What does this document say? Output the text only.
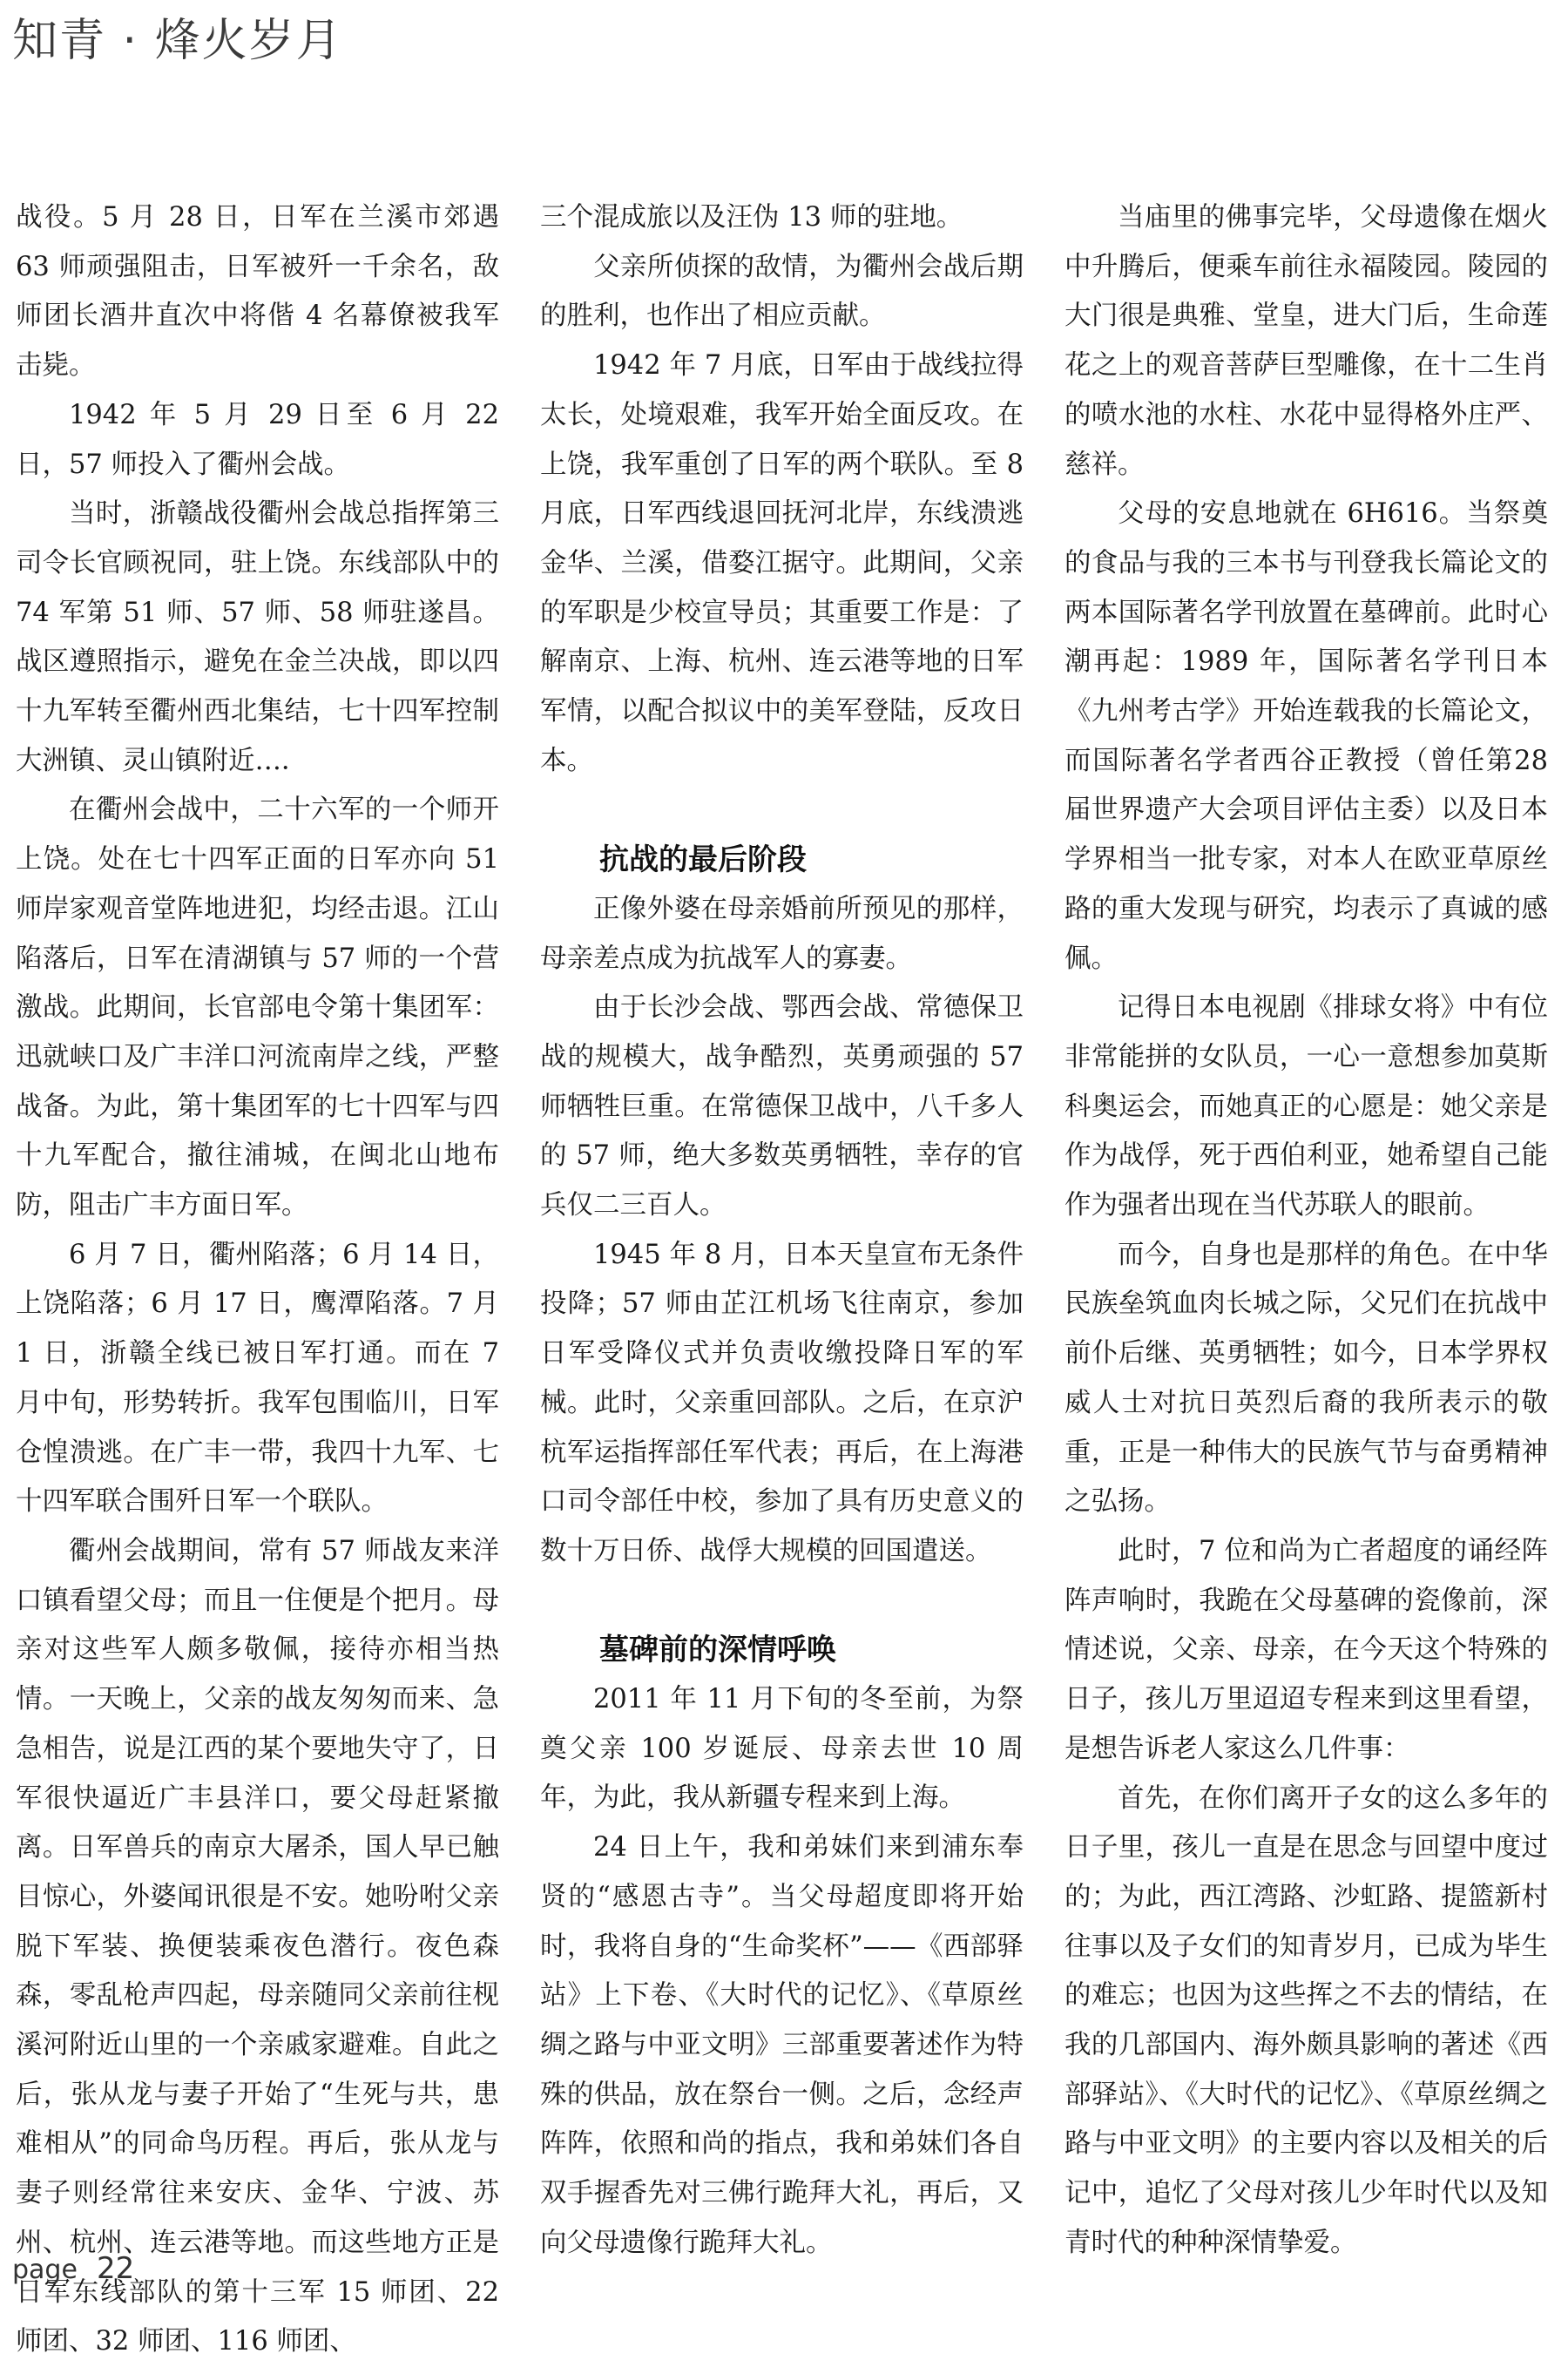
知青 · 烽火岁月

战役。5 月 28 日，日军在兰溪市郊遇 63 师顽强阻击，日军被歼一千余名，敌师团长酒井直次中将偕 4 名幕僚被我军击毙。

1942 年 5 月 29 日至 6 月 22 日，57 师投入了衢州会战。

当时，浙赣战役衢州会战总指挥第三司令长官顾祝同，驻上饶。东线部队中的 74 军第 51 师、57 师、58 师驻遂昌。战区遵照指示，避免在金兰决战，即以四十九军转至衢州西北集结，七十四军控制大洲镇、灵山镇附近…．

在衢州会战中，二十六军的一个师开上饶。处在七十四军正面的日军亦向 51 师岸家观音堂阵地进犯，均经击退。江山陷落后，日军在清湖镇与 57 师的一个营激战。此期间，长官部电令第十集团军：迅就峡口及广丰洋口河流南岸之线，严整战备。为此，第十集团军的七十四军与四十九军配合，撤往浦城，在闽北山地布防，阻击广丰方面日军。

6 月 7 日，衢州陷落；6 月 14 日，上饶陷落；6 月 17 日，鹰潭陷落。7 月 1 日，浙赣全线已被日军打通。而在 7 月中旬，形势转折。我军包围临川，日军仓惶溃逃。在广丰一带，我四十九军、七十四军联合围歼日军一个联队。

衢州会战期间，常有 57 师战友来洋口镇看望父母；而且一住便是个把月。母亲对这些军人颇多敬佩，接待亦相当热情。一天晚上，父亲的战友匆匆而来、急急相告，说是江西的某个要地失守了，日军很快逼近广丰县洋口，要父母赶紧撤离。日军兽兵的南京大屠杀，国人早已触目惊心，外婆闻讯很是不安。她吩咐父亲脱下军装、换便装乘夜色潜行。夜色森森，零乱枪声四起，母亲随同父亲前往枧溪河附近山里的一个亲戚家避难。自此之后，张从龙与妻子开始了“生死与共，患难相从”的同命鸟历程。再后，张从龙与妻子则经常往来安庆、金华、宁波、苏州、杭州、连云港等地。而这些地方正是日军东线部队的第十三军 15 师团、22 师团、32 师团、116 师团、

三个混成旅以及汪伪 13 师的驻地。

父亲所侦探的敌情，为衢州会战后期的胜利，也作出了相应贡献。

1942 年 7 月底，日军由于战线拉得太长，处境艰难，我军开始全面反攻。在上饶，我军重创了日军的两个联队。至 8 月底，日军西线退回抚河北岸，东线溃逃金华、兰溪，借婺江据守。此期间，父亲的军职是少校宣导员；其重要工作是：了解南京、上海、杭州、连云港等地的日军军情，以配合拟议中的美军登陆，反攻日本。

抗战的最后阶段

正像外婆在母亲婚前所预见的那样，母亲差点成为抗战军人的寡妻。

由于长沙会战、鄂西会战、常德保卫战的规模大，战争酷烈，英勇顽强的 57 师牺牲巨重。在常德保卫战中，八千多人的 57 师，绝大多数英勇牺牲，幸存的官兵仅二三百人。

1945 年 8 月，日本天皇宣布无条件投降；57 师由芷江机场飞往南京，参加日军受降仪式并负责收缴投降日军的军械。此时，父亲重回部队。之后，在京沪杭军运指挥部任军代表；再后，在上海港口司令部任中校，参加了具有历史意义的数十万日侨、战俘大规模的回国遣送。

墓碑前的深情呼唤

2011 年 11 月下旬的冬至前，为祭奠父亲 100 岁诞辰、母亲去世 10 周年，为此，我从新疆专程来到上海。

24 日上午，我和弟妹们来到浦东奉贤的“感恩古寺”。当父母超度即将开始时，我将自身的“生命奖杯”——《西部驿站》上下卷、《大时代的记忆》、《草原丝绸之路与中亚文明》三部重要著述作为特殊的供品，放在祭台一侧。之后，念经声阵阵，依照和尚的指点，我和弟妹们各自双手握香先对三佛行跪拜大礼，再后，又向父母遗像行跪拜大礼。

当庙里的佛事完毕，父母遗像在烟火中升腾后，便乘车前往永福陵园。陵园的大门很是典雅、堂皇，进大门后，生命莲花之上的观音菩萨巨型雕像，在十二生肖的喷水池的水柱、水花中显得格外庄严、慈祥。

父母的安息地就在 6H616。当祭奠的食品与我的三本书与刊登我长篇论文的两本国际著名学刊放置在墓碑前。此时心潮再起：1989 年，国际著名学刊日本《九州考古学》开始连载我的长篇论文，而国际著名学者西谷正教授（曾任第28届世界遗产大会项目评估主委）以及日本学界相当一批专家，对本人在欧亚草原丝路的重大发现与研究，均表示了真诚的感佩。

记得日本电视剧《排球女将》中有位非常能拼的女队员，一心一意想参加莫斯科奥运会，而她真正的心愿是：她父亲是作为战俘，死于西伯利亚，她希望自己能作为强者出现在当代苏联人的眼前。

而今，自身也是那样的角色。在中华民族垒筑血肉长城之际，父兄们在抗战中前仆后继、英勇牺牲；如今，日本学界权威人士对抗日英烈后裔的我所表示的敬重，正是一种伟大的民族气节与奋勇精神之弘扬。

此时，7 位和尚为亡者超度的诵经阵阵声响时，我跪在父母墓碑的瓷像前，深情述说，父亲、母亲，在今天这个特殊的日子，孩儿万里迢迢专程来到这里看望，是想告诉老人家这么几件事：

首先，在你们离开子女的这么多年的日子里，孩儿一直是在思念与回望中度过的；为此，西江湾路、沙虹路、提篮新村往事以及子女们的知青岁月，已成为毕生的难忘；也因为这些挥之不去的情结，在我的几部国内、海外颇具影响的著述《西部驿站》、《大时代的记忆》、《草原丝绸之路与中亚文明》的主要内容以及相关的后记中，追忆了父母对孩儿少年时代以及知青时代的种种深情挚爱。

page 22
